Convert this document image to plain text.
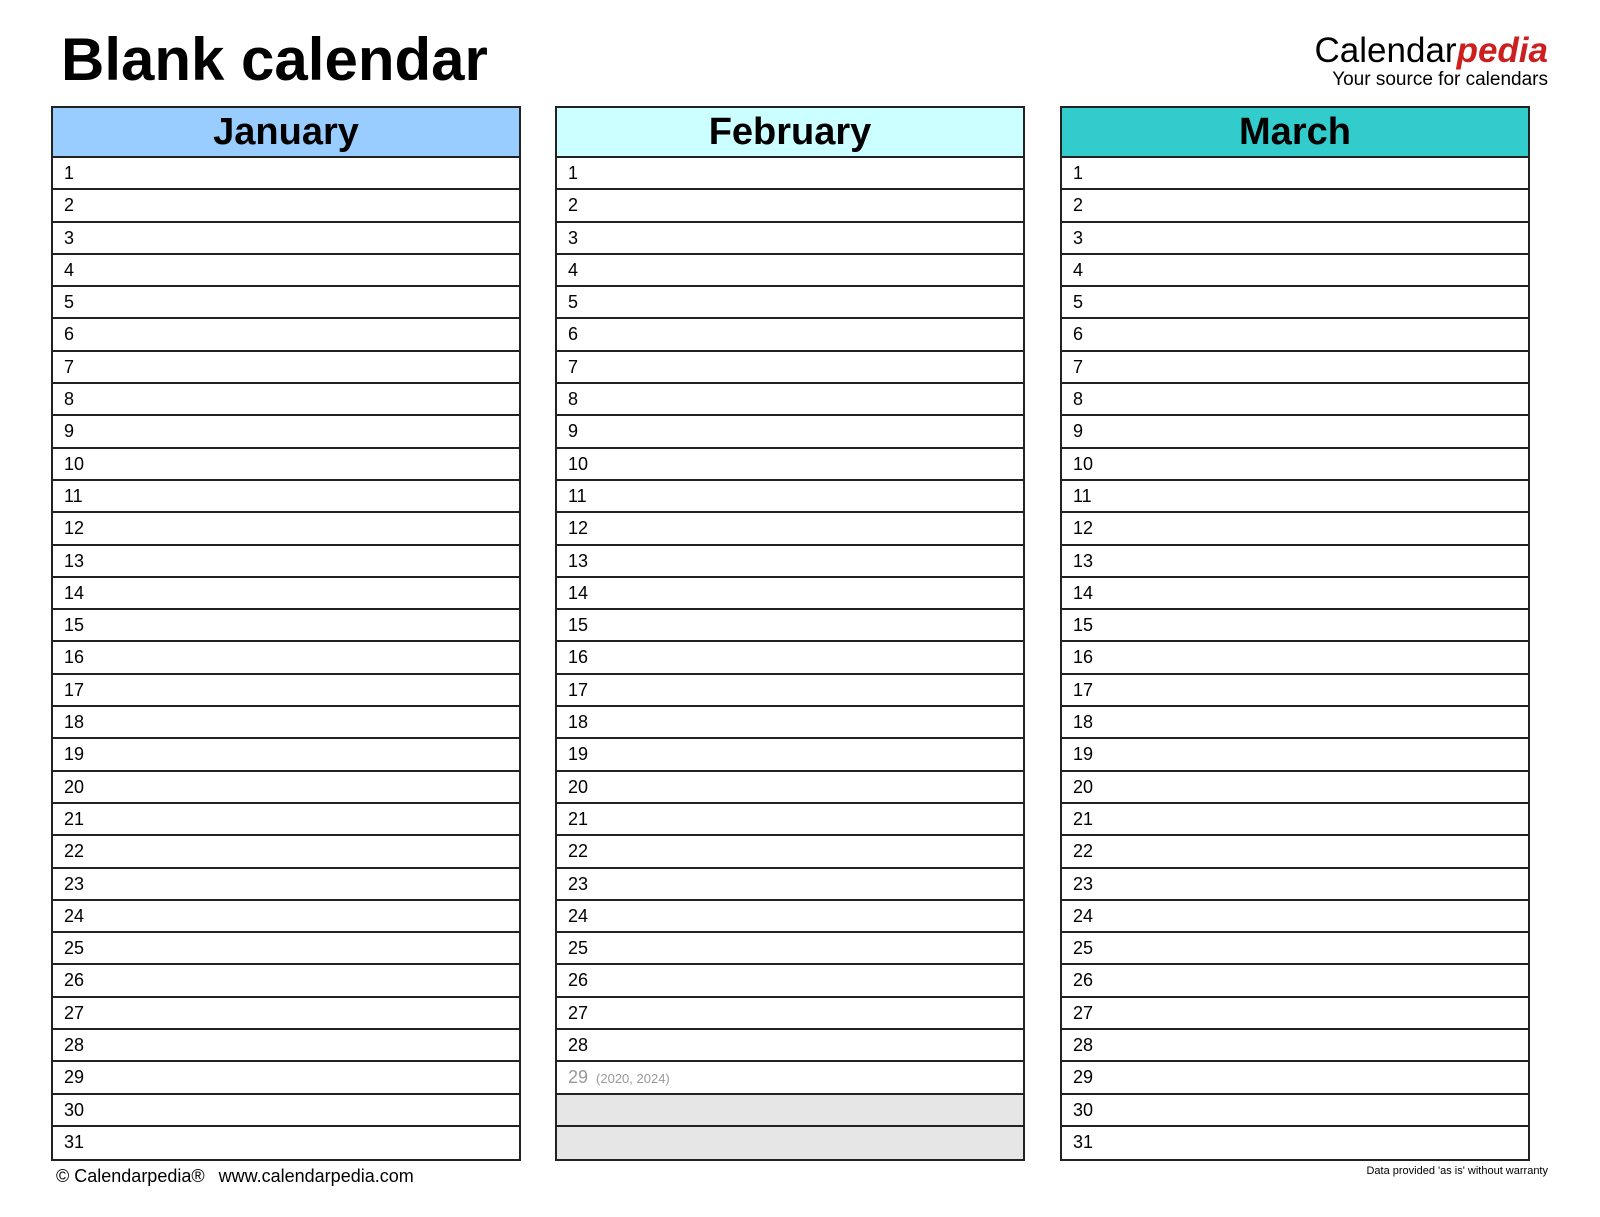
Blank calendar	Calendarpedia
Your source for calendars
January
1
2
3
4
5
6
7
8
9
10
11
12
13
14
15
16
17
18
19
20
21
22
23
24
25
26
27
28
29
30
31
February
1
2
3
4
5
6
7
8
9
10
11
12
13
14
15
16
17
18
19
20
21
22
23
24
25
26
27
28
29 (2020, 2024)
March
1
2
3
4
5
6
7
8
9
10
11
12
13
14
15
16
17
18
19
20
21
22
23
24
25
26
27
28
29
30
31
© Calendarpedia® www.calendarpedia.com	Data provided 'as is' without warranty
